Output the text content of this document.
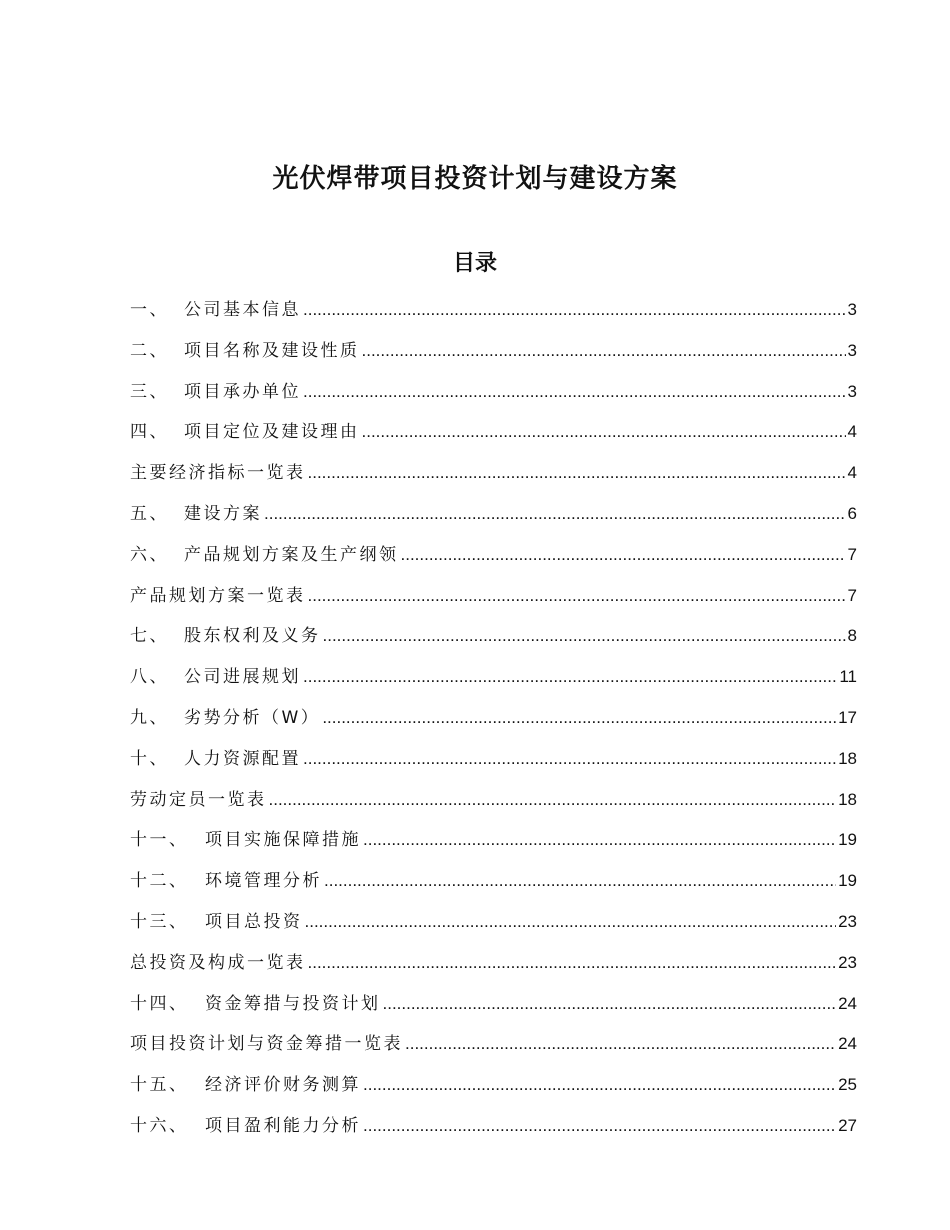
光伏焊带项目投资计划与建设方案
目录
一、 公司基本信息 .....	3
二、 项目名称及建设性质 .....	3
三、 项目承办单位 .....	3
四、 项目定位及建设理由 .....	4
主要经济指标一览表 .....	4
五、 建设方案 .....	6
六、 产品规划方案及生产纲领 .....	7
产品规划方案一览表 .....	7
七、 股东权利及义务 .....	8
八、 公司进展规划 .....	11
九、 劣势分析（W） .....	17
十、 人力资源配置 .....	18
劳动定员一览表 .....	18
十一、 项目实施保障措施 .....	19
十二、 环境管理分析 .....	19
十三、 项目总投资 .....	23
总投资及构成一览表 .....	23
十四、 资金筹措与投资计划 .....	24
项目投资计划与资金筹措一览表 .....	24
十五、 经济评价财务测算 .....	25
十六、 项目盈利能力分析 .....	27
